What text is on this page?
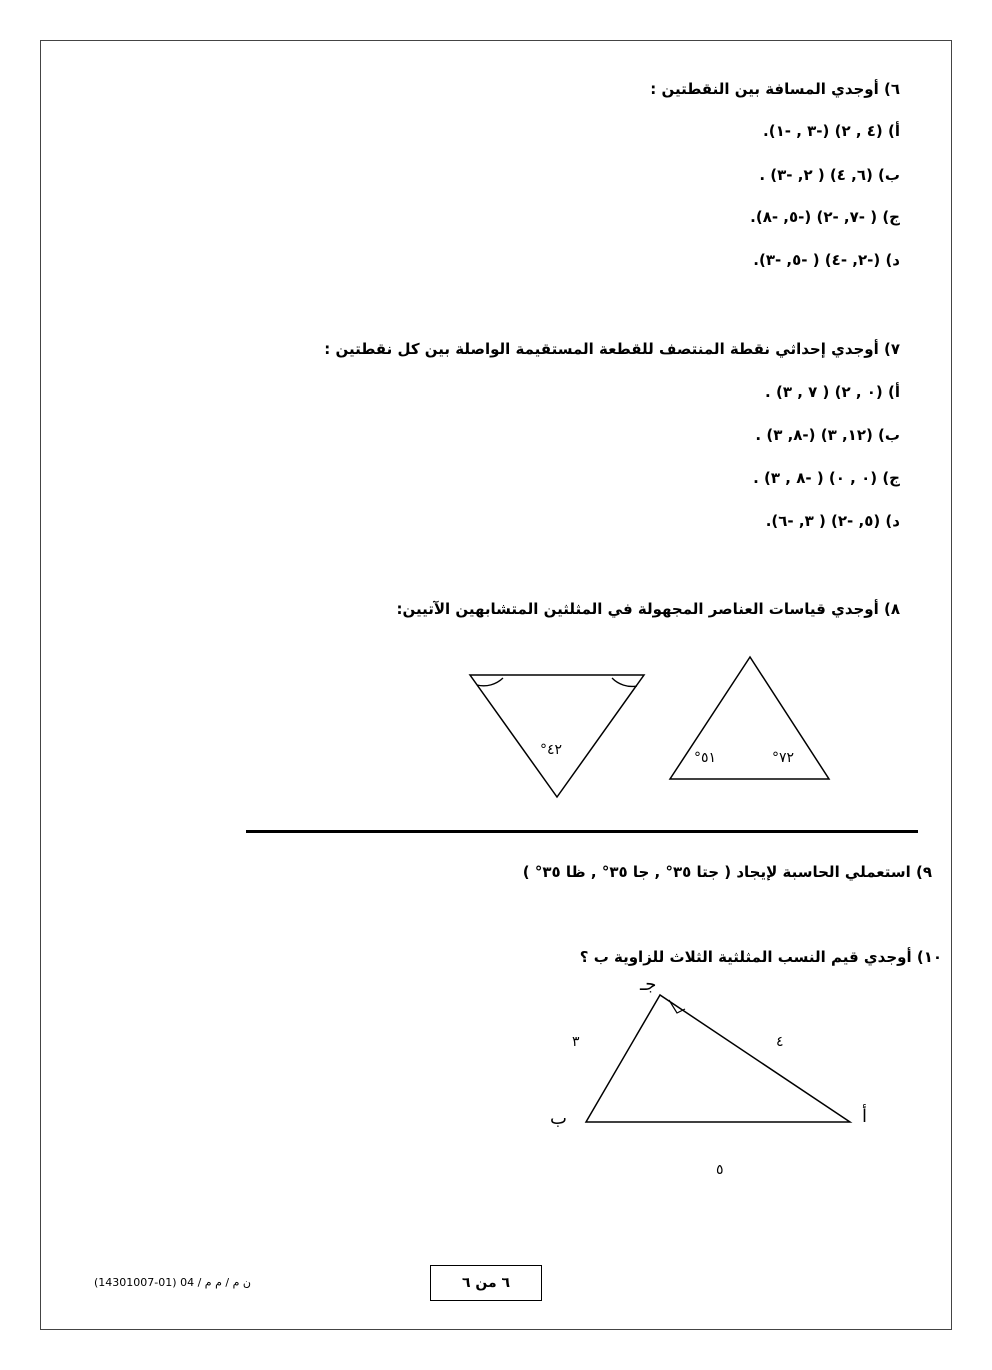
٦) أوجدي المسافة بين النقطتين :
أ) (٤ , ٢) (-٣ , -١).
ب) (٦, ٤) ( ٢, -٣) .
ج) ( -٧, -٢) (-٥, -٨).
د) (-٢, -٤) ( -٥, -٣).
٧) أوجدي إحداثي نقطة المنتصف للقطعة المستقيمة الواصلة بين كل نقطتين :
أ) (٠ , ٢) ( ٧ , ٣) .
ب) (١٢, ٣) (-٨, ٣) .
ج) (٠ , ٠) ( -٨ , ٣) .
د) (٥, -٢) ( ٣, -٦).
٨) أوجدي قياسات العناصر المجهولة في المثلثين المتشابهين الآتيين:
٤٢°	٥١°	٧٢°
٩) استعملي الحاسبة لإيجاد ( جتا ٣٥° , جا ٣٥° , ظا ٣٥° )
١٠) أوجدي قيم النسب المثلثية الثلاث للزاوية ب ؟
جـ
ب	أ
٣	٤
٥
٦ من ٦
ن م / م م / 04 (01-14301007)
